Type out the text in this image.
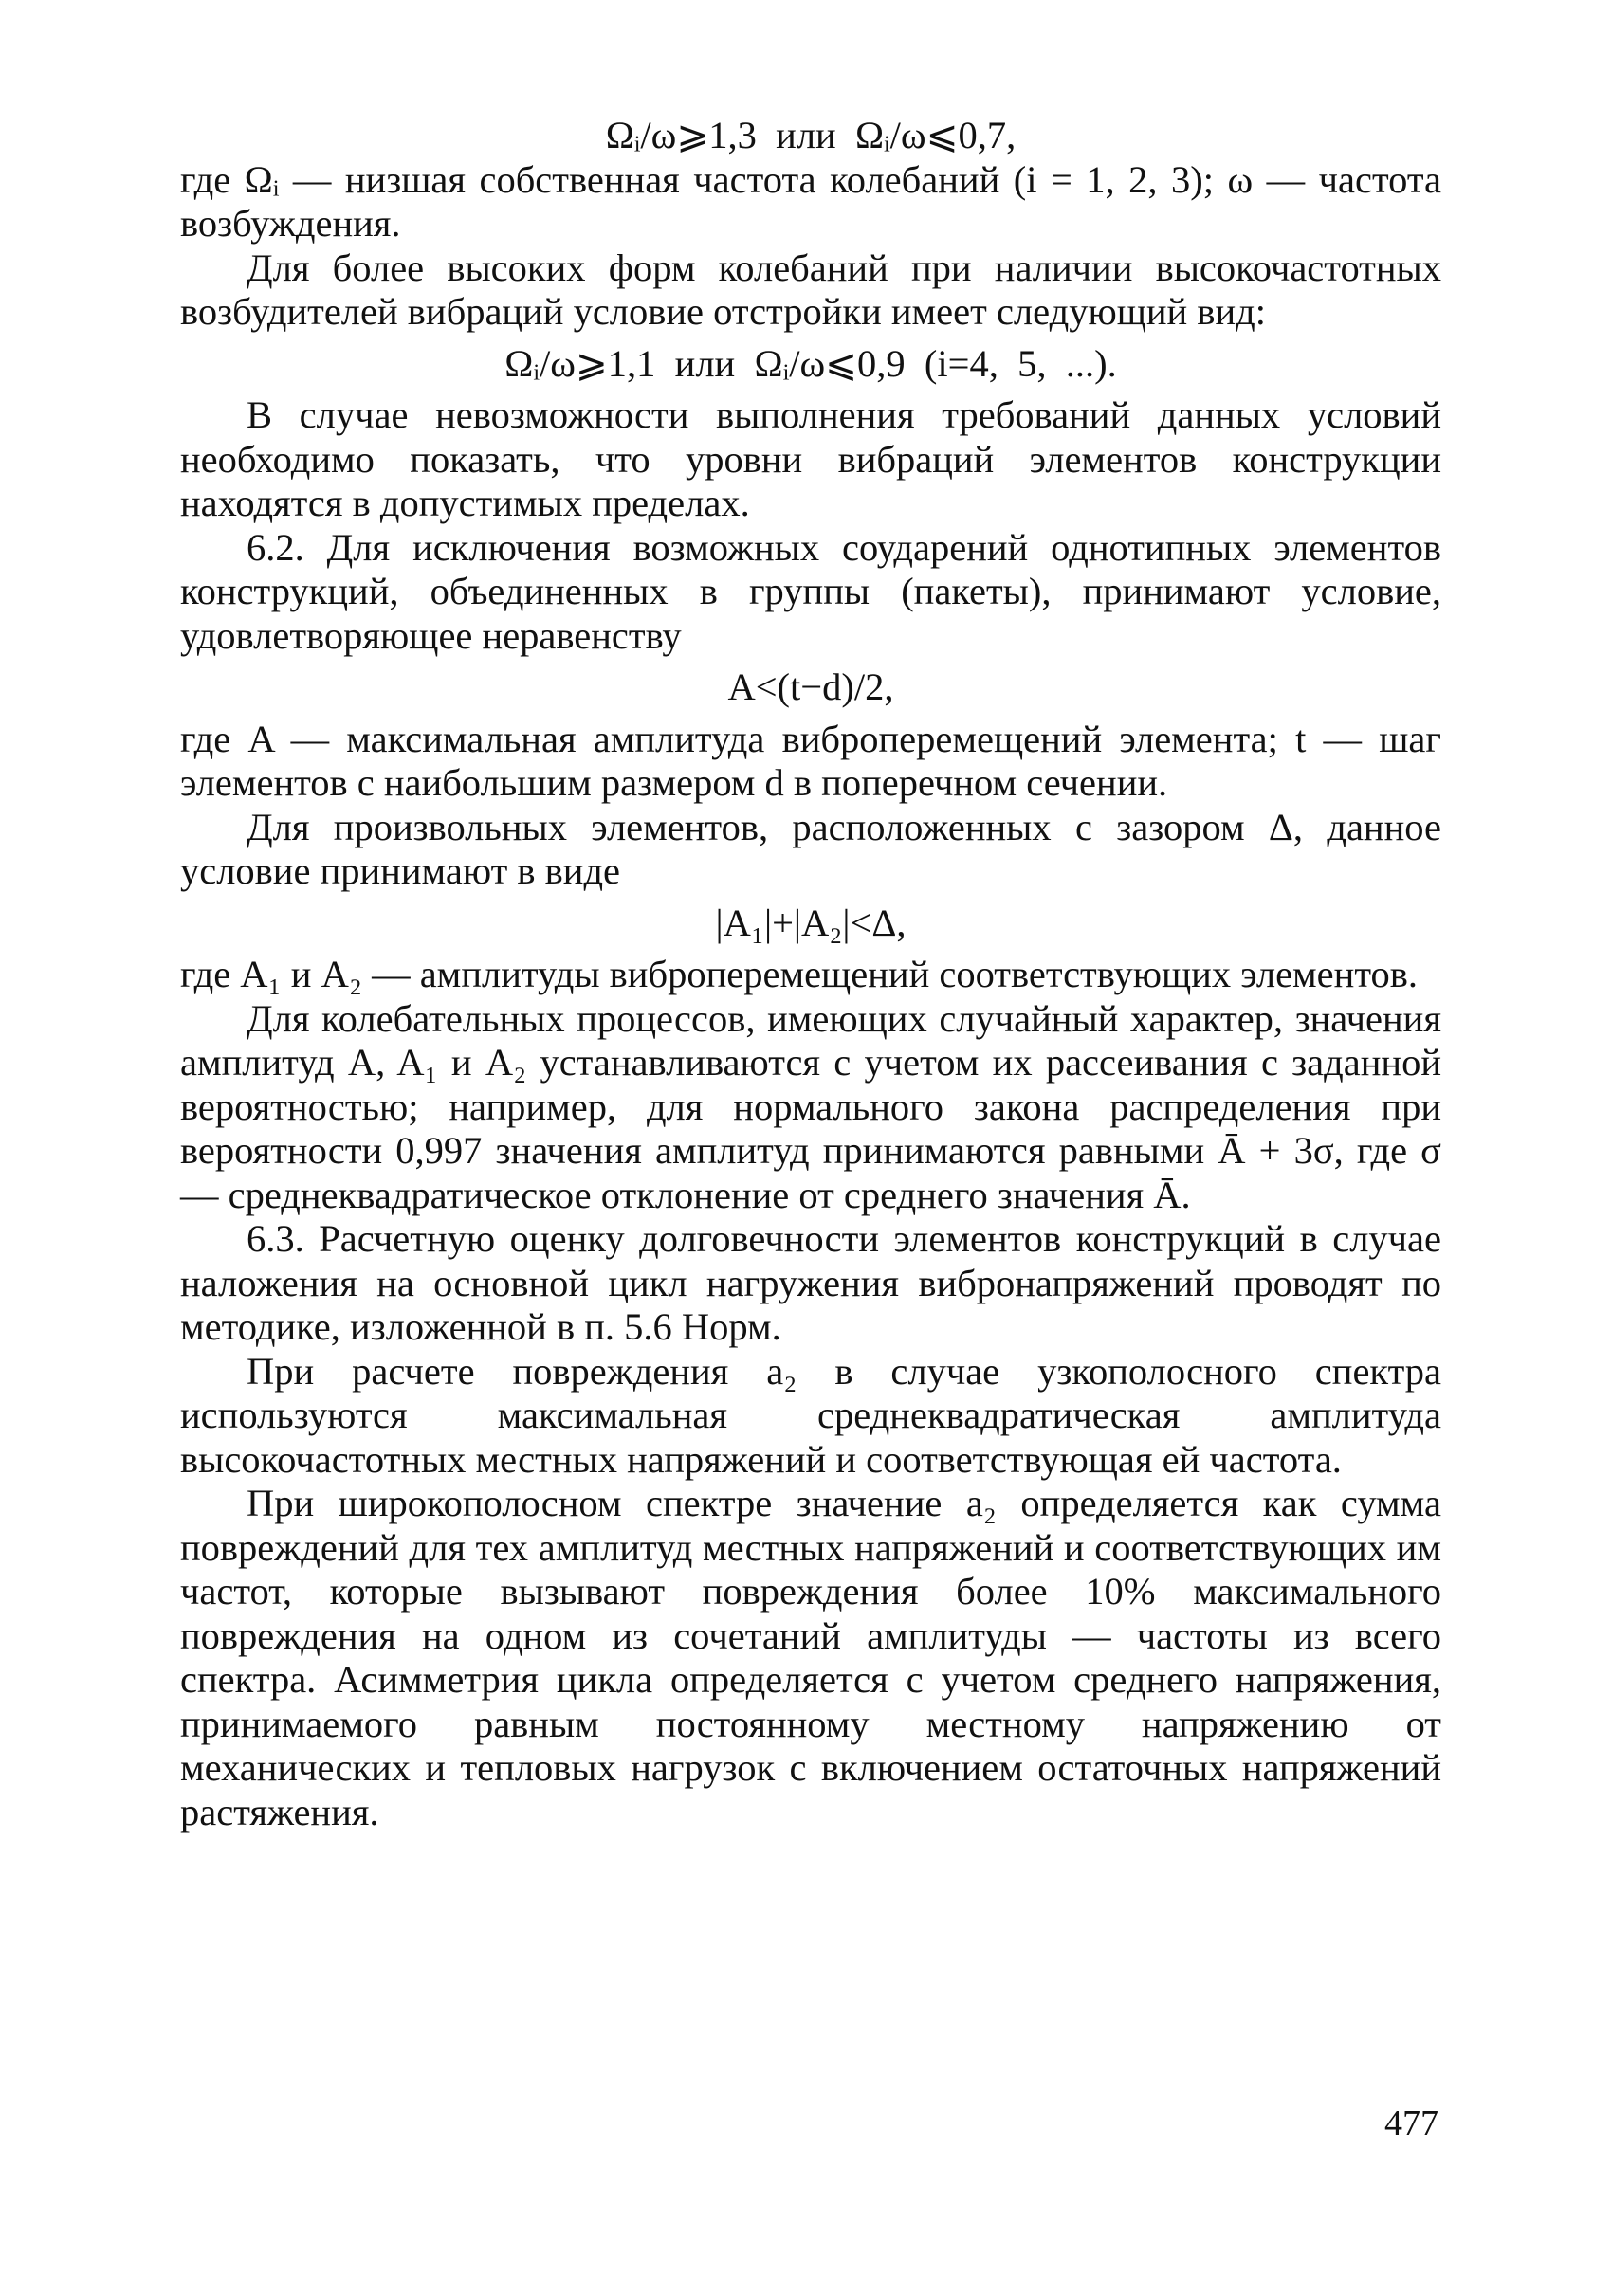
Ωᵢ/ω⩾1,3  или  Ωᵢ/ω⩽0,7,

где Ωᵢ — низшая собственная частота колебаний (i = 1, 2, 3); ω — частота возбуждения.

Для более высоких форм колебаний при наличии высокочастотных возбудителей вибраций условие отстройки имеет следующий вид:

Ωᵢ/ω⩾1,1  или  Ωᵢ/ω⩽0,9  (i=4,  5,  ...).

В случае невозможности выполнения требований данных условий необходимо показать, что уровни вибраций элементов конструкции находятся в допустимых пределах.

6.2. Для исключения возможных соударений однотипных элементов конструкций, объединенных в группы (пакеты), принимают условие, удовлетворяющее неравенству

A<(t−d)/2,

где A — максимальная амплитуда виброперемещений элемента; t — шаг элементов с наибольшим размером d в поперечном сечении.

Для произвольных элементов, расположенных с зазором Δ, данное условие принимают в виде

|A₁|+|A₂|<Δ,

где A₁ и A₂ — амплитуды виброперемещений соответствующих элементов.

Для колебательных процессов, имеющих случайный характер, значения амплитуд A, A₁ и A₂ устанавливаются с учетом их рассеивания с заданной вероятностью; например, для нормального закона распределения при вероятности 0,997 значения амплитуд принимаются равными Ā + 3σ, где σ — среднеквадратическое отклонение от среднего значения Ā.

6.3. Расчетную оценку долговечности элементов конструкций в случае наложения на основной цикл нагружения вибронапряжений проводят по методике, изложенной в п. 5.6 Норм.

При расчете повреждения a₂ в случае узкополосного спектра используются максимальная среднеквадратическая амплитуда высокочастотных местных напряжений и соответствующая ей частота.

При широкополосном спектре значение a₂ определяется как сумма повреждений для тех амплитуд местных напряжений и соответствующих им частот, которые вызывают повреждения более 10% максимального повреждения на одном из сочетаний амплитуды — частоты из всего спектра. Асимметрия цикла определяется с учетом среднего напряжения, принимаемого равным постоянному местному напряжению от механических и тепловых нагрузок с включением остаточных напряжений растяжения.

477
